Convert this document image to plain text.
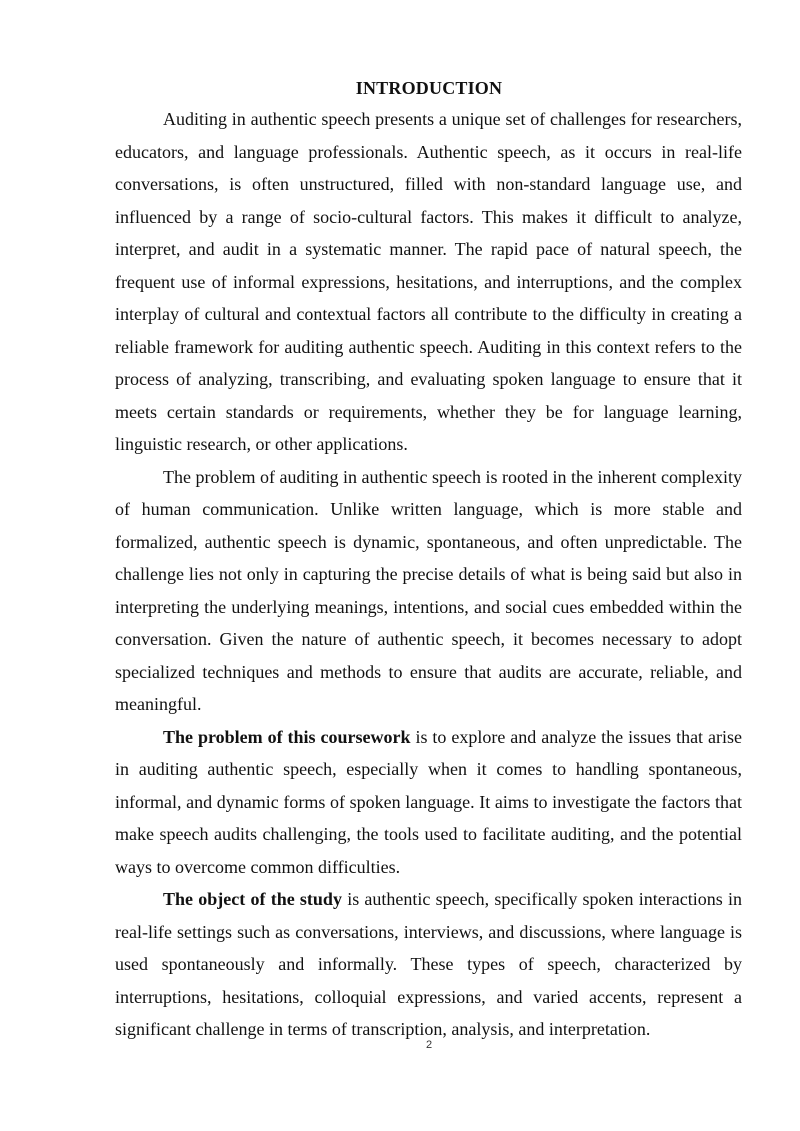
INTRODUCTION

Auditing in authentic speech presents a unique set of challenges for researchers, educators, and language professionals. Authentic speech, as it occurs in real-life conversations, is often unstructured, filled with non-standard language use, and influenced by a range of socio-cultural factors. This makes it difficult to analyze, interpret, and audit in a systematic manner. The rapid pace of natural speech, the frequent use of informal expressions, hesitations, and interruptions, and the complex interplay of cultural and contextual factors all contribute to the difficulty in creating a reliable framework for auditing authentic speech. Auditing in this context refers to the process of analyzing, transcribing, and evaluating spoken language to ensure that it meets certain standards or requirements, whether they be for language learning, linguistic research, or other applications.

The problem of auditing in authentic speech is rooted in the inherent complexity of human communication. Unlike written language, which is more stable and formalized, authentic speech is dynamic, spontaneous, and often unpredictable. The challenge lies not only in capturing the precise details of what is being said but also in interpreting the underlying meanings, intentions, and social cues embedded within the conversation. Given the nature of authentic speech, it becomes necessary to adopt specialized techniques and methods to ensure that audits are accurate, reliable, and meaningful.

The problem of this coursework is to explore and analyze the issues that arise in auditing authentic speech, especially when it comes to handling spontaneous, informal, and dynamic forms of spoken language. It aims to investigate the factors that make speech audits challenging, the tools used to facilitate auditing, and the potential ways to overcome common difficulties.

The object of the study is authentic speech, specifically spoken interactions in real-life settings such as conversations, interviews, and discussions, where language is used spontaneously and informally. These types of speech, characterized by interruptions, hesitations, colloquial expressions, and varied accents, represent a significant challenge in terms of transcription, analysis, and interpretation.

2
